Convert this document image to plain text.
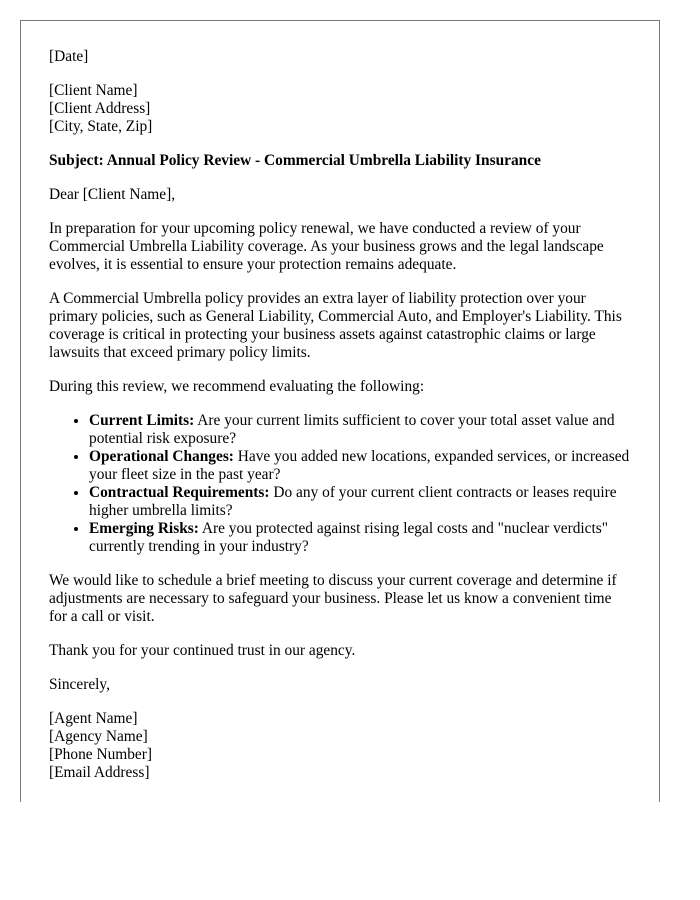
[Date]
[Client Name]
[Client Address]
[City, State, Zip]
Subject: Annual Policy Review - Commercial Umbrella Liability Insurance

Dear [Client Name],

In preparation for your upcoming policy renewal, we have conducted a review of your Commercial Umbrella Liability coverage. As your business grows and the legal landscape evolves, it is essential to ensure your protection remains adequate.

A Commercial Umbrella policy provides an extra layer of liability protection over your primary policies, such as General Liability, Commercial Auto, and Employer's Liability. This coverage is critical in protecting your business assets against catastrophic claims or large lawsuits that exceed primary policy limits.

During this review, we recommend evaluating the following:

• Current Limits: Are your current limits sufficient to cover your total asset value and potential risk exposure?
• Operational Changes: Have you added new locations, expanded services, or increased your fleet size in the past year?
• Contractual Requirements: Do any of your current client contracts or leases require higher umbrella limits?
• Emerging Risks: Are you protected against rising legal costs and "nuclear verdicts" currently trending in your industry?

We would like to schedule a brief meeting to discuss your current coverage and determine if adjustments are necessary to safeguard your business. Please let us know a convenient time for a call or visit.

Thank you for your continued trust in our agency.

Sincerely,

[Agent Name]
[Agency Name]
[Phone Number]
[Email Address]
